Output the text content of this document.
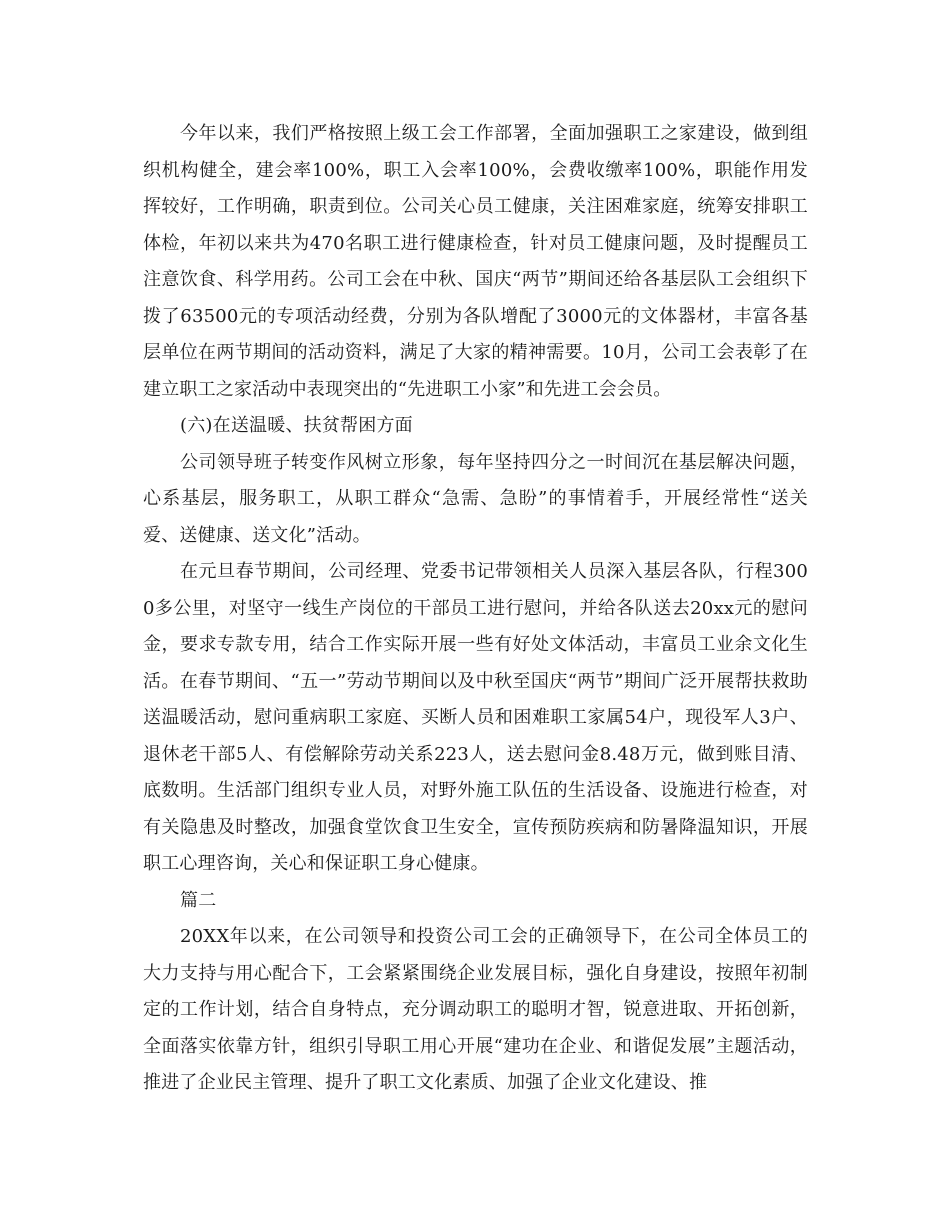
今年以来，我们严格按照上级工会工作部署，全面加强职工之家建设，做到组织机构健全，建会率100%，职工入会率100%，会费收缴率100%，职能作用发挥较好，工作明确，职责到位。公司关心员工健康，关注困难家庭，统筹安排职工体检，年初以来共为470名职工进行健康检查，针对员工健康问题，及时提醒员工注意饮食、科学用药。公司工会在中秋、国庆“两节”期间还给各基层队工会组织下拨了63500元的专项活动经费，分别为各队增配了3000元的文体器材，丰富各基层单位在两节期间的活动资料，满足了大家的精神需要。10月，公司工会表彰了在建立职工之家活动中表现突出的“先进职工小家”和先进工会会员。

(六)在送温暖、扶贫帮困方面

公司领导班子转变作风树立形象，每年坚持四分之一时间沉在基层解决问题，心系基层，服务职工，从职工群众“急需、急盼”的事情着手，开展经常性“送关爱、送健康、送文化”活动。

在元旦春节期间，公司经理、党委书记带领相关人员深入基层各队，行程3000多公里，对坚守一线生产岗位的干部员工进行慰问，并给各队送去20xx元的慰问金，要求专款专用，结合工作实际开展一些有好处文体活动，丰富员工业余文化生活。在春节期间、“五一”劳动节期间以及中秋至国庆“两节”期间广泛开展帮扶救助送温暖活动，慰问重病职工家庭、买断人员和困难职工家属54户，现役军人3户、退休老干部5人、有偿解除劳动关系223人，送去慰问金8.48万元，做到账目清、底数明。生活部门组织专业人员，对野外施工队伍的生活设备、设施进行检查，对有关隐患及时整改，加强食堂饮食卫生安全，宣传预防疾病和防暑降温知识，开展职工心理咨询，关心和保证职工身心健康。

篇二

20XX年以来，在公司领导和投资公司工会的正确领导下，在公司全体员工的大力支持与用心配合下，工会紧紧围绕企业发展目标，强化自身建设，按照年初制定的工作计划，结合自身特点，充分调动职工的聪明才智，锐意进取、开拓创新，全面落实依靠方针，组织引导职工用心开展“建功在企业、和谐促发展”主题活动，推进了企业民主管理、提升了职工文化素质、加强了企业文化建设、推
